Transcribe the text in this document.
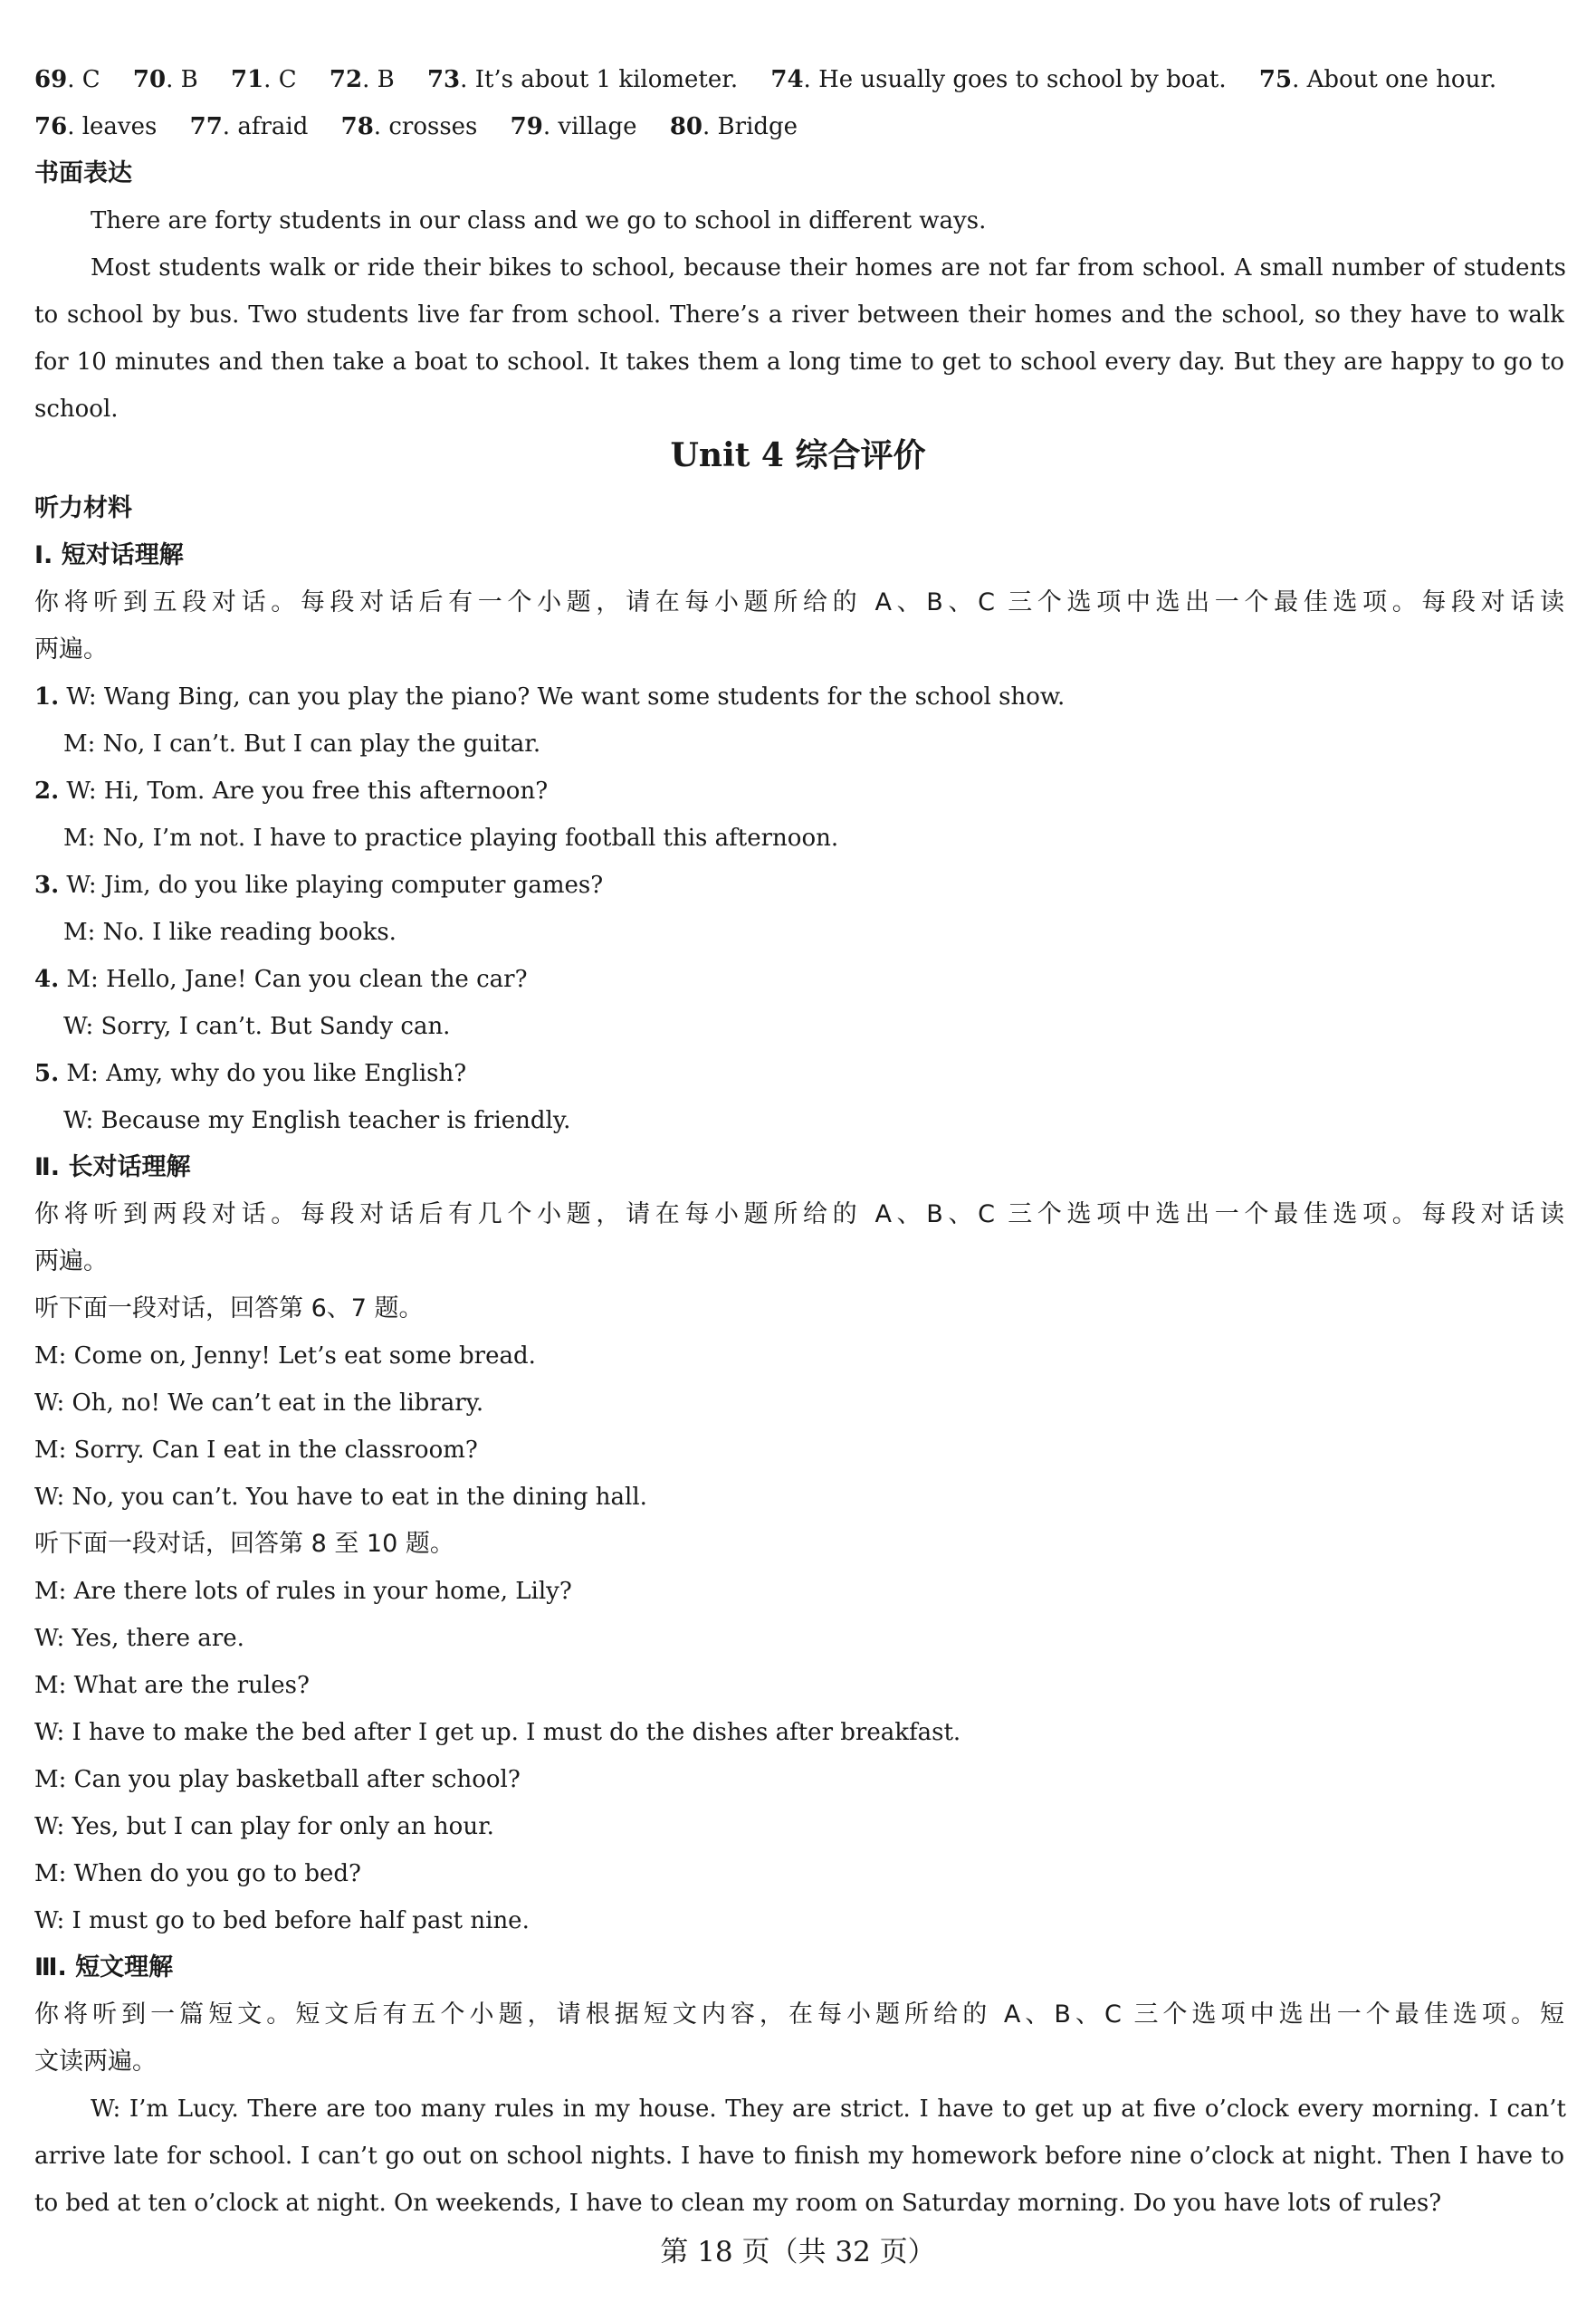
69. C 70. B 71. C 72. B 73. It’s about 1 kilometer. 74. He usually goes to school by boat. 75. About one hour.
76. leaves 77. afraid 78. crosses 79. village 80. Bridge
书面表达
There are forty students in our class and we go to school in different ways.
Most students walk or ride their bikes to school, because their homes are not far from school. A small number of students
to school by bus. Two students live far from school. There’s a river between their homes and the school, so they have to walk
for 10 minutes and then take a boat to school. It takes them a long time to get to school every day. But they are happy to go to
school.
Unit 4 综合评价
听力材料
Ⅰ. 短对话理解
你将听到五段对话。每段对话后有一个小题，请在每小题所给的 A、B、C 三个选项中选出一个最佳选项。每段对话读
两遍。
1. W: Wang Bing, can you play the piano? We want some students for the school show.
M: No, I can’t. But I can play the guitar.
2. W: Hi, Tom. Are you free this afternoon?
M: No, I’m not. I have to practice playing football this afternoon.
3. W: Jim, do you like playing computer games?
M: No. I like reading books.
4. M: Hello, Jane! Can you clean the car?
W: Sorry, I can’t. But Sandy can.
5. M: Amy, why do you like English?
W: Because my English teacher is friendly.
Ⅱ. 长对话理解
你将听到两段对话。每段对话后有几个小题，请在每小题所给的 A、B、C 三个选项中选出一个最佳选项。每段对话读
两遍。
听下面一段对话，回答第 6、7 题。
M: Come on, Jenny! Let’s eat some bread.
W: Oh, no! We can’t eat in the library.
M: Sorry. Can I eat in the classroom?
W: No, you can’t. You have to eat in the dining hall.
听下面一段对话，回答第 8 至 10 题。
M: Are there lots of rules in your home, Lily?
W: Yes, there are.
M: What are the rules?
W: I have to make the bed after I get up. I must do the dishes after breakfast.
M: Can you play basketball after school?
W: Yes, but I can play for only an hour.
M: When do you go to bed?
W: I must go to bed before half past nine.
Ⅲ. 短文理解
你将听到一篇短文。短文后有五个小题，请根据短文内容，在每小题所给的 A、B、C 三个选项中选出一个最佳选项。短
文读两遍。
W: I’m Lucy. There are too many rules in my house. They are strict. I have to get up at five o’clock every morning. I can’t
arrive late for school. I can’t go out on school nights. I have to finish my homework before nine o’clock at night. Then I have to
to bed at ten o’clock at night. On weekends, I have to clean my room on Saturday morning. Do you have lots of rules?
第 18 页（共 32 页）
